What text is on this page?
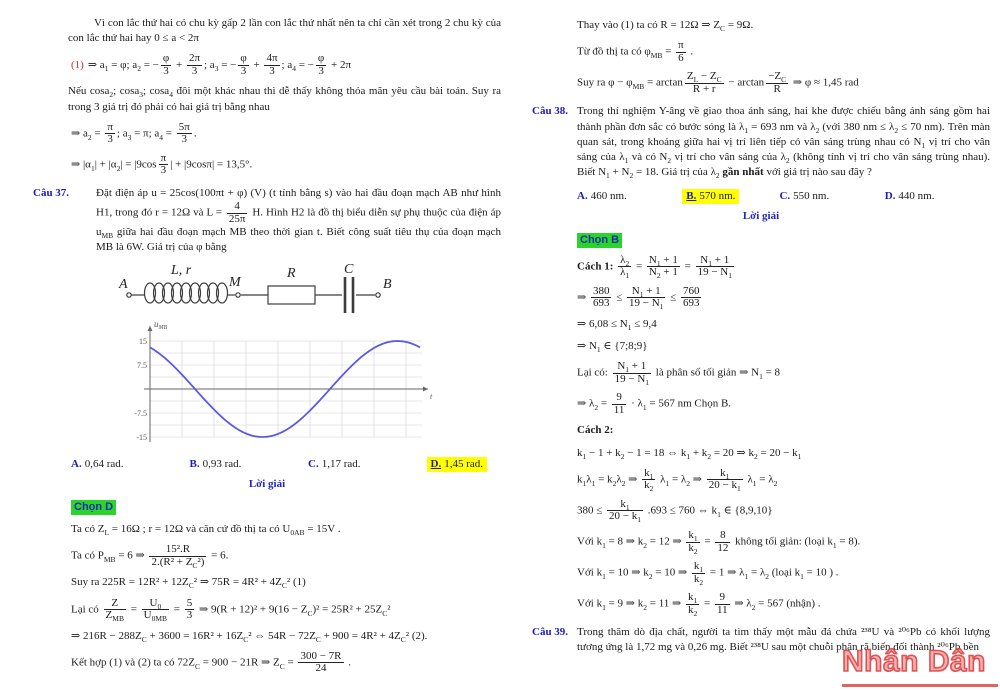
Vì con lắc thứ hai có chu kỳ gấp 2 lần con lắc thứ nhất nên ta chỉ cần xét trong 2 chu kỳ của con lắc thứ hai hay 0 ≤ a < 2π
(1) ⇒ $a_1 = \varphi$; $a_2$ = − $\frac{\varphi}{3} + \frac{2\pi}{3}$ ; $a_3$ = − $\frac{\varphi}{3} + \frac{4\pi}{3}$ ; $a_4$ = − $\frac{\varphi}{3} + 2\pi$
Nếu cosa$_2$; cosa$_3$; cosa$_4$ đôi một khác nhau thì dễ thấy không thỏa mãn yêu cầu bài toán. Suy ra trong 3 giá trị đó phải có hai giá trị bằng nhau
⇒ $a_2 = \frac{\pi}{3}$ ; $a_3 = \pi$; $a_4 = \frac{5\pi}{3}$ .
⇒ $|\alpha_1| + |\alpha_2| = |9\cos \frac{\pi}{3}$ | + |9cosπ| = 13,5°.
Câu 37.	Đặt điện áp u = 25cos(100πt + φ) (V) (t tính bằng s) vào hai đầu đoạn mạch AB như hình H1, trong đó r = 12Ω và $L = \frac{4}{25\pi} H$. Hình H2 là đồ thị biểu diễn sự phụ thuộc của điện áp $u_{MB}$ giữa hai đầu đoạn mạch MB theo thời gian t. Biết công suất tiêu thụ của đoạn mạch MB là 6W. Giá trị của φ bằng
A
L, r
M
R	C
B
15
7.5
-7.5
-15
t
$u_{MB}$
A. 0,64 rad.	B. 0,93 rad.	C. 1,17 rad.	D. 1,45 rad.
Lời giải
Chọn D
Ta có $Z_L = 16\Omega$ ; r = 12Ω và căn cứ đồ thị ta có $U_{0AB} = 15V$ .
Ta có $P_{MB} = 6$ ⇒ $\frac{\text{15².R}}{2.(R^2 + Z_C^2)} = 6$.
Suy ra $225R = 12R^2 + 12Z_C^2$ ⇒ $75R = 4R^2 + 4Z_C^2$ (1)
Lại có
Z
$Z_{MB}$
= $\frac{U_0}{U_{0MB}} = \frac{5}{3}$ ⇒ $9(R + 12)^2 + 9(16 - Z_C)^2 = 25R^2 + 25Z_C^2$
⇒ $216R - 288Z_C + 3600 = 16R^2 + 16Z_C^2$ ⇔ $54R - 72Z_C + 900 = 4R^2 + 4Z_C^2$ (2).
Kết hợp (1) và (2) ta có $72Z_C = 900 - 21R$ ⇒ $Z_C = \frac{300 - 7R}{24}$ .
Thay vào (1) ta có R = 12Ω ⇒ $Z_C = 9\Omega$.
Từ đồ thị ta có $\varphi_{MB} = \frac{\pi}{6}$ .
Suy ra $\varphi - \varphi_{MB} = \arctan \frac{Z_L - Z_C}{R + r} - \arctan \frac{-Z_C}{R}$ ⇒ φ ≈ 1,45 rad
Câu 38. Trong thí nghiệm Y-âng về giao thoa ánh sáng, hai khe được chiếu bằng ánh sáng gồm hai thành phần đơn sắc có bước sóng là $\lambda_1 = 693$ nm và $\lambda_2$ (với 380 nm ≤ $\lambda_2 \le 70$ nm). Trên màn quan sát, trong khoảng giữa hai vị trí liên tiếp có vân sáng trùng nhau có $N_1$ vị trí cho vân sáng của $\lambda_1$ và có $N_2$ vị trí cho vân sáng của $\lambda_2$ (không tính vị trí cho vân sáng trùng nhau). Biết $N_1 + N_2 = 18$. Giá trị của $\lambda_2$ gần nhất với giá trị nào sau đây ?
A. 460 nm.	B. 570 nm.	C. 550 nm.	D. 440 nm.
Lời giải
Chọn B
Cách 1: $\frac{\lambda_2}{\lambda_1} = \frac{N_1 + 1}{N_2 + 1} = \frac{N_1 + 1}{19 - N_1}$
⇒ $\frac{380}{693} \le \frac{N_1 + 1}{19 - N_1} \le \frac{760}{693}$
⇒ $6,08 \le N_1 \le 9,4$
⇒ $N_1$ ∈ {7;8;9}
Lại có: $\frac{N_1 + 1}{19 - N_1}$ là phân số tối giản ⇒ $N_1 = 8$
⇒ $\lambda_2 = \frac{9}{11} \cdot \lambda_1 = 567$ nm Chọn B.
Cách 2:
$k_1 - 1 + k_2 - 1 = 18$ ⇔ $k_1 + k_2 = 20$ ⇒ $k_2 = 20 - k_1$
$k_1\lambda_1 = k_2\lambda_2$ ⇒ $\frac{k_1}{k_2} \lambda_1 = \lambda_2$ ⇒ $\frac{k_1}{20 - k_1} \lambda_1 = \lambda_2$
$380 \le \frac{k_1}{20 - k_1} .693 \le 760$ ⇔ $k_1$ ∈ {8,9,10}
Với $k_1 = 8$ ⇒ $k_2 = 12$ ⇒ $\frac{k_1}{k_2} = \frac{8}{12}$ không tối giản: (loại $k_1 = 8$).
Với $k_1 = 10$ ⇒ $k_2 = 10$ ⇒ $\frac{k_1}{k_2} = 1$ ⇒ $\lambda_1 = \lambda_2$ (loại $k_1 = 10$ ) .
Với $k_1 = 9$ ⇒ $k_2 = 11$ ⇒ $\frac{k_1}{k_2} = \frac{9}{11}$ ⇒ $\lambda_2 = 567$ (nhận) .
Câu 39. Trong thăm dò địa chất, người ta tìm thấy một mẫu đá chứa ²³⁸U và ²⁰⁶Pb có khối lượng tương ứng là 1,72 mg và 0,26 mg. Biết ²³⁸U sau một chuỗi phân rã biến đổi thành ²⁰⁶Pb bền
Nhân Dân
